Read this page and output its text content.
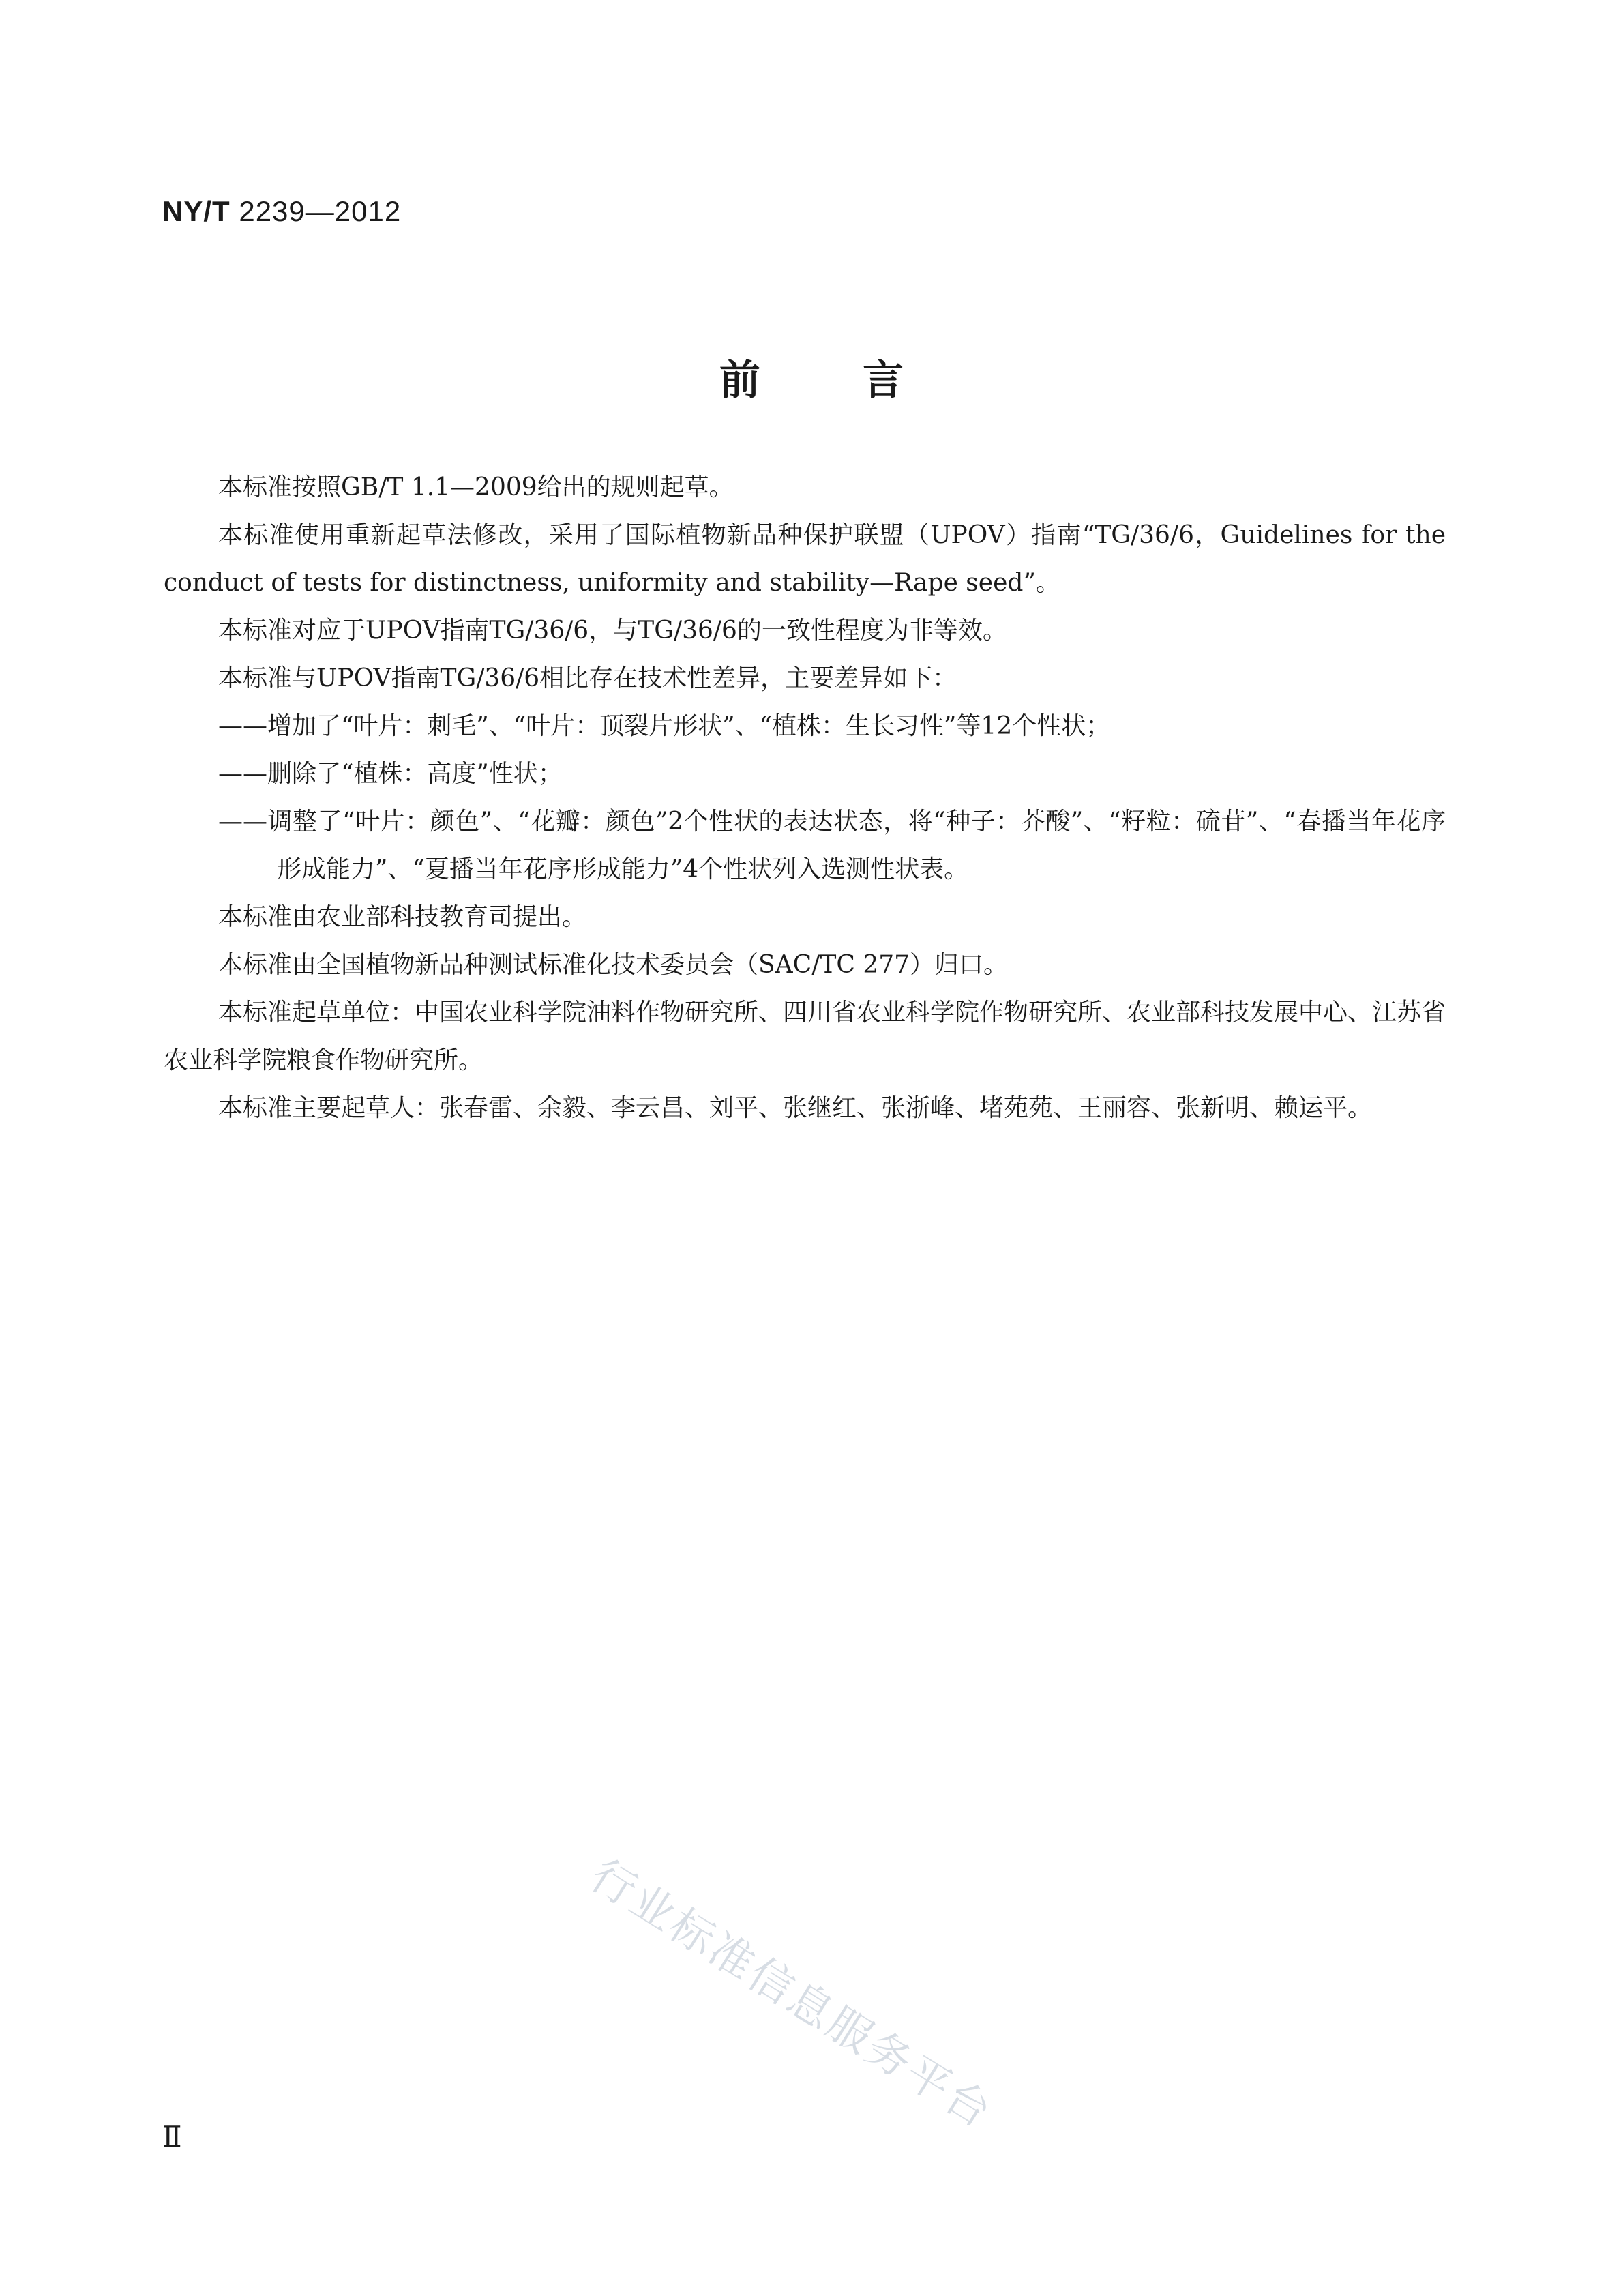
NY/T 2239—2012
前言

本标准按照GB/T 1.1—2009给出的规则起草。

本标准使用重新起草法修改，采用了国际植物新品种保护联盟（UPOV）指南“TG/36/6，Guidelines for the conduct of tests for distinctness, uniformity and stability—Rape seed”。

本标准对应于UPOV指南TG/36/6，与TG/36/6的一致性程度为非等效。

本标准与UPOV指南TG/36/6相比存在技术性差异，主要差异如下：

——增加了“叶片：刺毛”、“叶片：顶裂片形状”、“植株：生长习性”等12个性状；

——删除了“植株：高度”性状；

——调整了“叶片：颜色”、“花瓣：颜色”2个性状的表达状态，将“种子：芥酸”、“籽粒：硫苷”、“春播当年花序形成能力”、“夏播当年花序形成能力”4个性状列入选测性状表。

本标准由农业部科技教育司提出。

本标准由全国植物新品种测试标准化技术委员会（SAC/TC 277）归口。

本标准起草单位：中国农业科学院油料作物研究所、四川省农业科学院作物研究所、农业部科技发展中心、江苏省农业科学院粮食作物研究所。

本标准主要起草人：张春雷、余毅、李云昌、刘平、张继红、张浙峰、堵苑苑、王丽容、张新明、赖运平。

行业标准信息服务平台
Ⅱ
